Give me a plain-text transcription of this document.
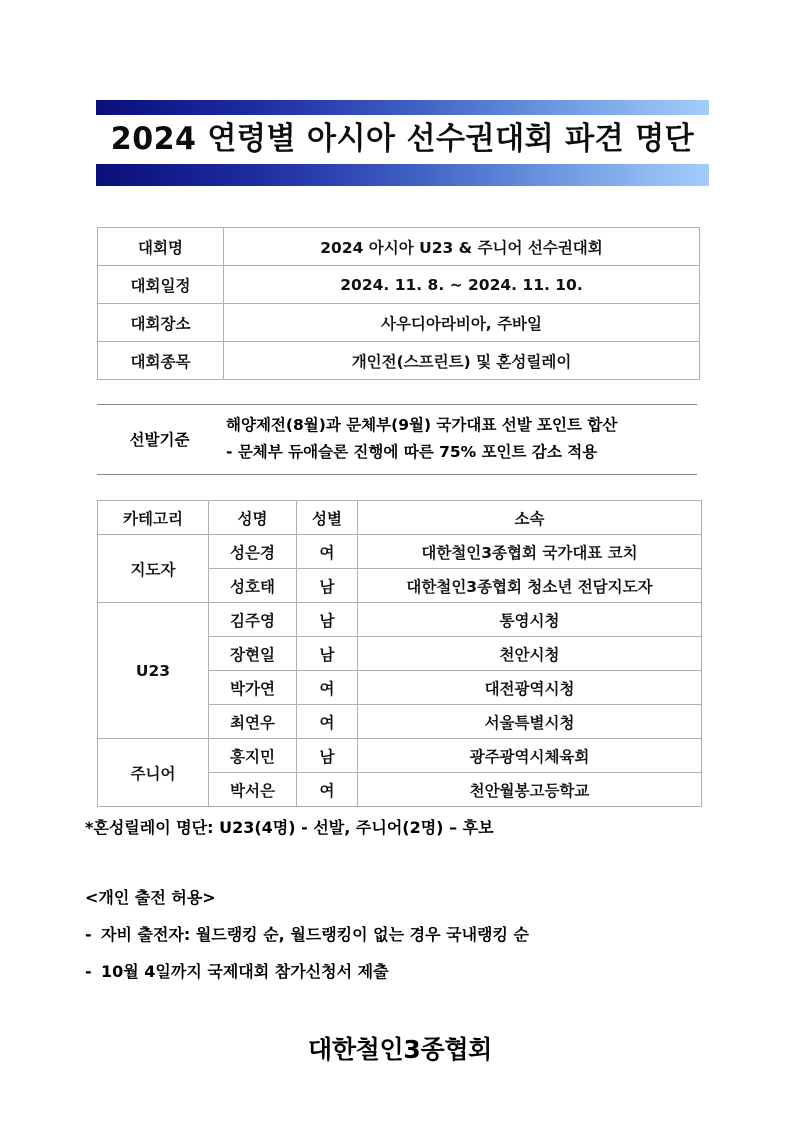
2024 연령별 아시아 선수권대회 파견 명단
대회명	2024 아시아 U23 & 주니어 선수권대회
대회일정	2024. 11. 8. ~ 2024. 11. 10.
대회장소	사우디아라비아, 주바일
대회종목	개인전(스프린트) 및 혼성릴레이
선발기준
해양제전(8월)과 문체부(9월) 국가대표 선발 포인트 합산
- 문체부 듀애슬론 진행에 따른 75% 포인트 감소 적용
카테고리	성명	성별	소속
지도자	성은경	여	대한철인3종협회 국가대표 코치
	성호태	남	대한철인3종협회 청소년 전담지도자
U23	김주영	남	통영시청
	장현일	남	천안시청
	박가연	여	대전광역시청
	최연우	여	서울특별시청
주니어	홍지민	남	광주광역시체육회
	박서은	여	천안월봉고등학교
*혼성릴레이 명단: U23(4명) - 선발, 주니어(2명) – 후보
<개인 출전 허용>
- 자비 출전자: 월드랭킹 순, 월드랭킹이 없는 경우 국내랭킹 순
- 10월 4일까지 국제대회 참가신청서 제출
대한철인3종협회
